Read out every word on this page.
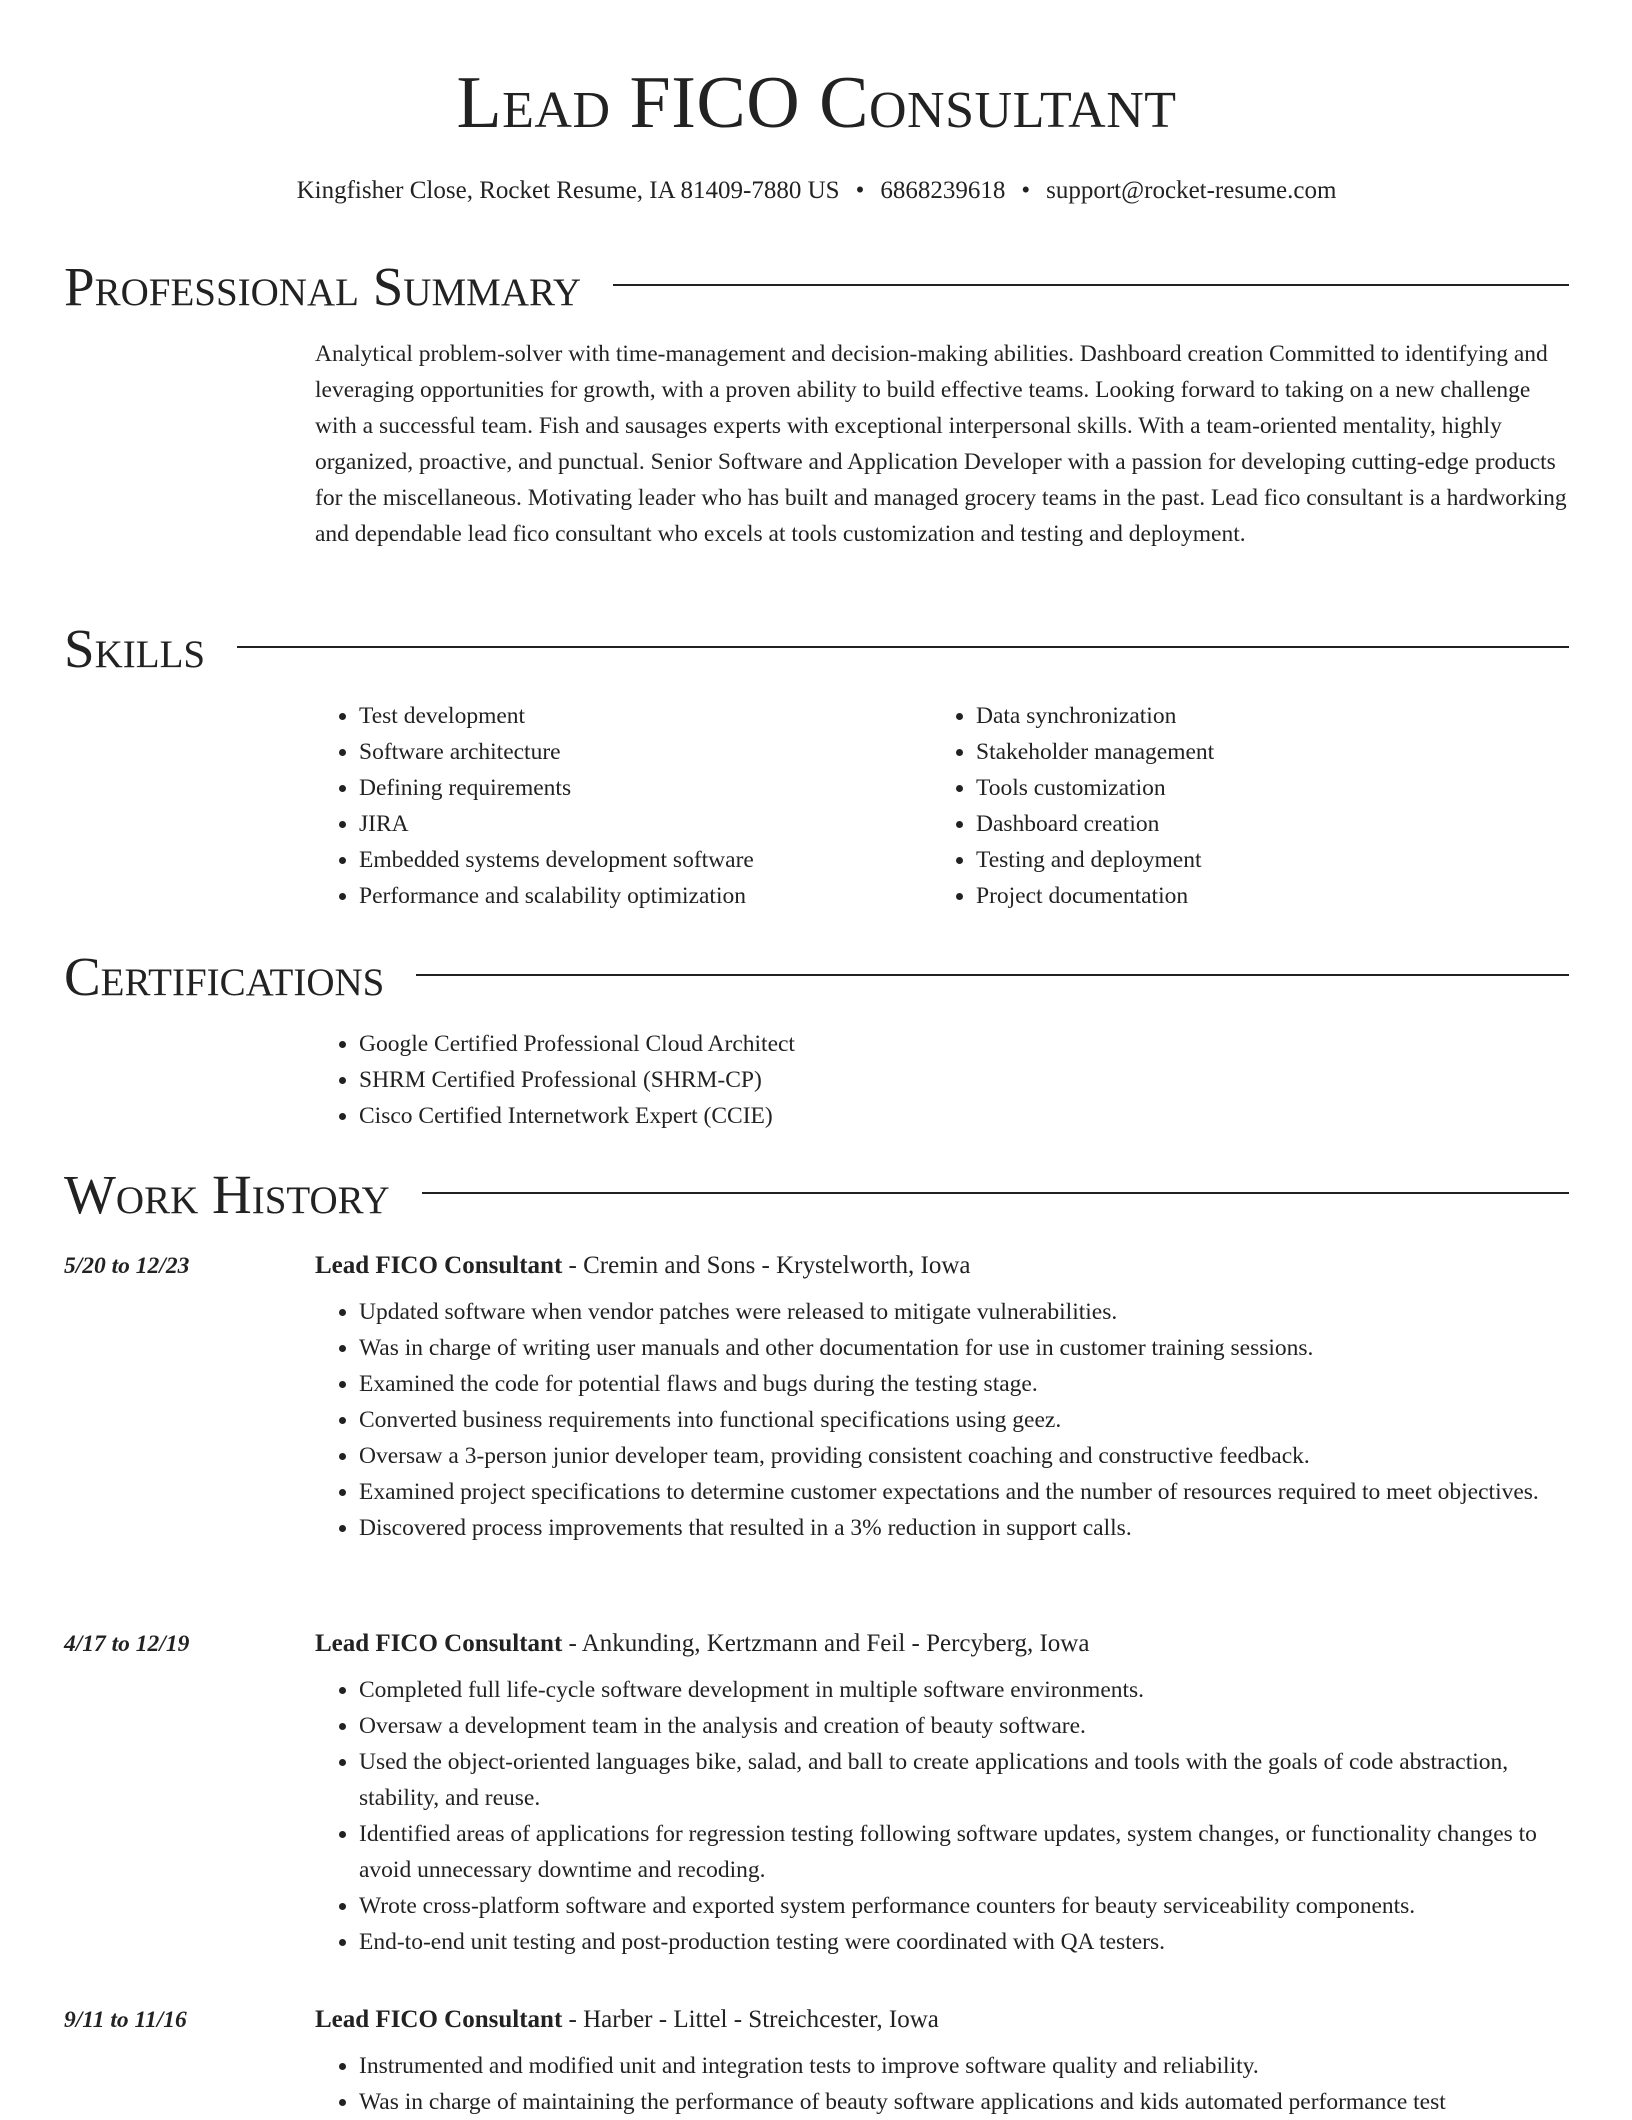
Lead FICO Consultant
Kingfisher Close, Rocket Resume, IA 81409-7880 US • 6868239618 • support@rocket-resume.com
Professional Summary

Analytical problem-solver with time-management and decision-making abilities. Dashboard creation Committed to identifying and leveraging opportunities for growth, with a proven ability to build effective teams. Looking forward to taking on a new challenge with a successful team. Fish and sausages experts with exceptional interpersonal skills. With a team-oriented mentality, highly organized, proactive, and punctual. Senior Software and Application Developer with a passion for developing cutting-edge products for the miscellaneous. Motivating leader who has built and managed grocery teams in the past. Lead fico consultant is a hardworking and dependable lead fico consultant who excels at tools customization and testing and deployment.

Skills
• Test development
• Software architecture
• Defining requirements
• JIRA
• Embedded systems development software
• Performance and scalability optimization
• Data synchronization
• Stakeholder management
• Tools customization
• Dashboard creation
• Testing and deployment
• Project documentation
Certifications
• Google Certified Professional Cloud Architect
• SHRM Certified Professional (SHRM-CP)
• Cisco Certified Internetwork Expert (CCIE)
Work History
5/20 to 12/23	Lead FICO Consultant - Cremin and Sons - Krystelworth, Iowa

• Updated software when vendor patches were released to mitigate vulnerabilities.
• Was in charge of writing user manuals and other documentation for use in customer training sessions.
• Examined the code for potential flaws and bugs during the testing stage.
• Converted business requirements into functional specifications using geez.
• Oversaw a 3-person junior developer team, providing consistent coaching and constructive feedback.
• Examined project specifications to determine customer expectations and the number of resources required to meet objectives.
• Discovered process improvements that resulted in a 3% reduction in support calls.
4/17 to 12/19	Lead FICO Consultant - Ankunding, Kertzmann and Feil - Percyberg, Iowa

• Completed full life-cycle software development in multiple software environments.
• Oversaw a development team in the analysis and creation of beauty software.
• Used the object-oriented languages bike, salad, and ball to create applications and tools with the goals of code abstraction, stability, and reuse.
• Identified areas of applications for regression testing following software updates, system changes, or functionality changes to avoid unnecessary downtime and recoding.
• Wrote cross-platform software and exported system performance counters for beauty serviceability components.
• End-to-end unit testing and post-production testing were coordinated with QA testers.
9/11 to 11/16	Lead FICO Consultant - Harber - Littel - Streichcester, Iowa

• Instrumented and modified unit and integration tests to improve software quality and reliability.
• Was in charge of maintaining the performance of beauty software applications and kids automated performance test
